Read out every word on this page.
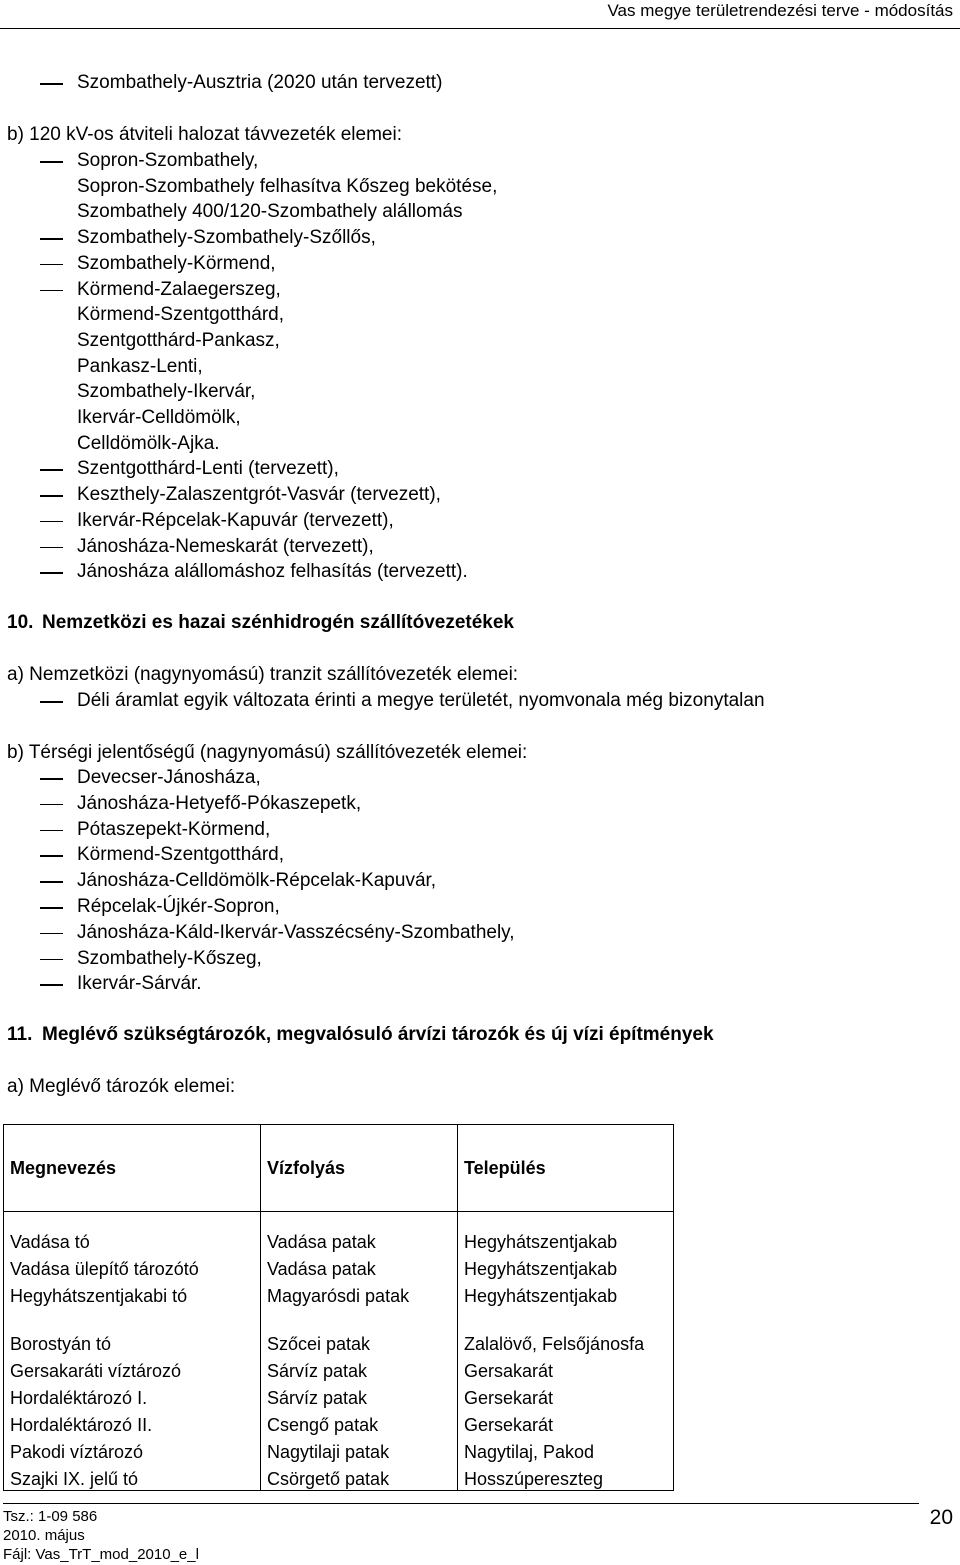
Vas megye területrendezési terve - módosítás
Szombathely-Ausztria (2020 után tervezett)
b) 120 kV-os átviteli halozat távvezeték elemei:
Sopron-Szombathely,
Sopron-Szombathely felhasítva Kőszeg bekötése,
Szombathely 400/120-Szombathely alállomás
Szombathely-Szombathely-Szőllős,
Szombathely-Körmend,
Körmend-Zalaegerszeg,
Körmend-Szentgotthárd,
Szentgotthárd-Pankasz,
Pankasz-Lenti,
Szombathely-Ikervár,
Ikervár-Celldömölk,
Celldömölk-Ajka.
Szentgotthárd-Lenti (tervezett),
Keszthely-Zalaszentgrót-Vasvár (tervezett),
Ikervár-Répcelak-Kapuvár (tervezett),
Jánosháza-Nemeskarát (tervezett),
Jánosháza alállomáshoz felhasítás (tervezett).
10. Nemzetközi es hazai szénhidrogén szállítóvezetékek
a) Nemzetközi (nagynyomású) tranzit szállítóvezeték elemei:
Déli áramlat egyik változata érinti a megye területét, nyomvonala még bizonytalan
b) Térségi jelentőségű (nagynyomású) szállítóvezeték elemei:
Devecser-Jánosháza,
Jánosháza-Hetyefő-Pókaszepetk,
Pótaszepekt-Körmend,
Körmend-Szentgotthárd,
Jánosháza-Celldömölk-Répcelak-Kapuvár,
Répcelak-Újkér-Sopron,
Jánosháza-Káld-Ikervár-Vasszécsény-Szombathely,
Szombathely-Kőszeg,
Ikervár-Sárvár.
11. Meglévő szükségtározók, megvalósuló árvízi tározók és új vízi építmények
a) Meglévő tározók elemei:
Megnevezés	Vízfolyás	Település

Vadása tó	Vadása patak	Hegyhátszentjakab
Vadása ülepítő tározótó	Vadása patak	Hegyhátszentjakab
Hegyhátszentjakabi tó	Magyarósdi patak	Hegyhátszentjakab
Borostyán tó	Szőcei patak	Zalalövő, Felsőjánosfa
Gersakaráti víztározó	Sárvíz patak	Gersakarát
Hordaléktározó I.	Sárvíz patak	Gersekarát
Hordaléktározó II.	Csengő patak	Gersekarát
Pakodi víztározó	Nagytilaji patak	Nagytilaj, Pakod
Szajki IX. jelű tó	Csörgető patak	Hosszúpereszteg
Tsz.: 1-09 586
2010. május
Fájl: Vas_TrT_mod_2010_e_l
20
